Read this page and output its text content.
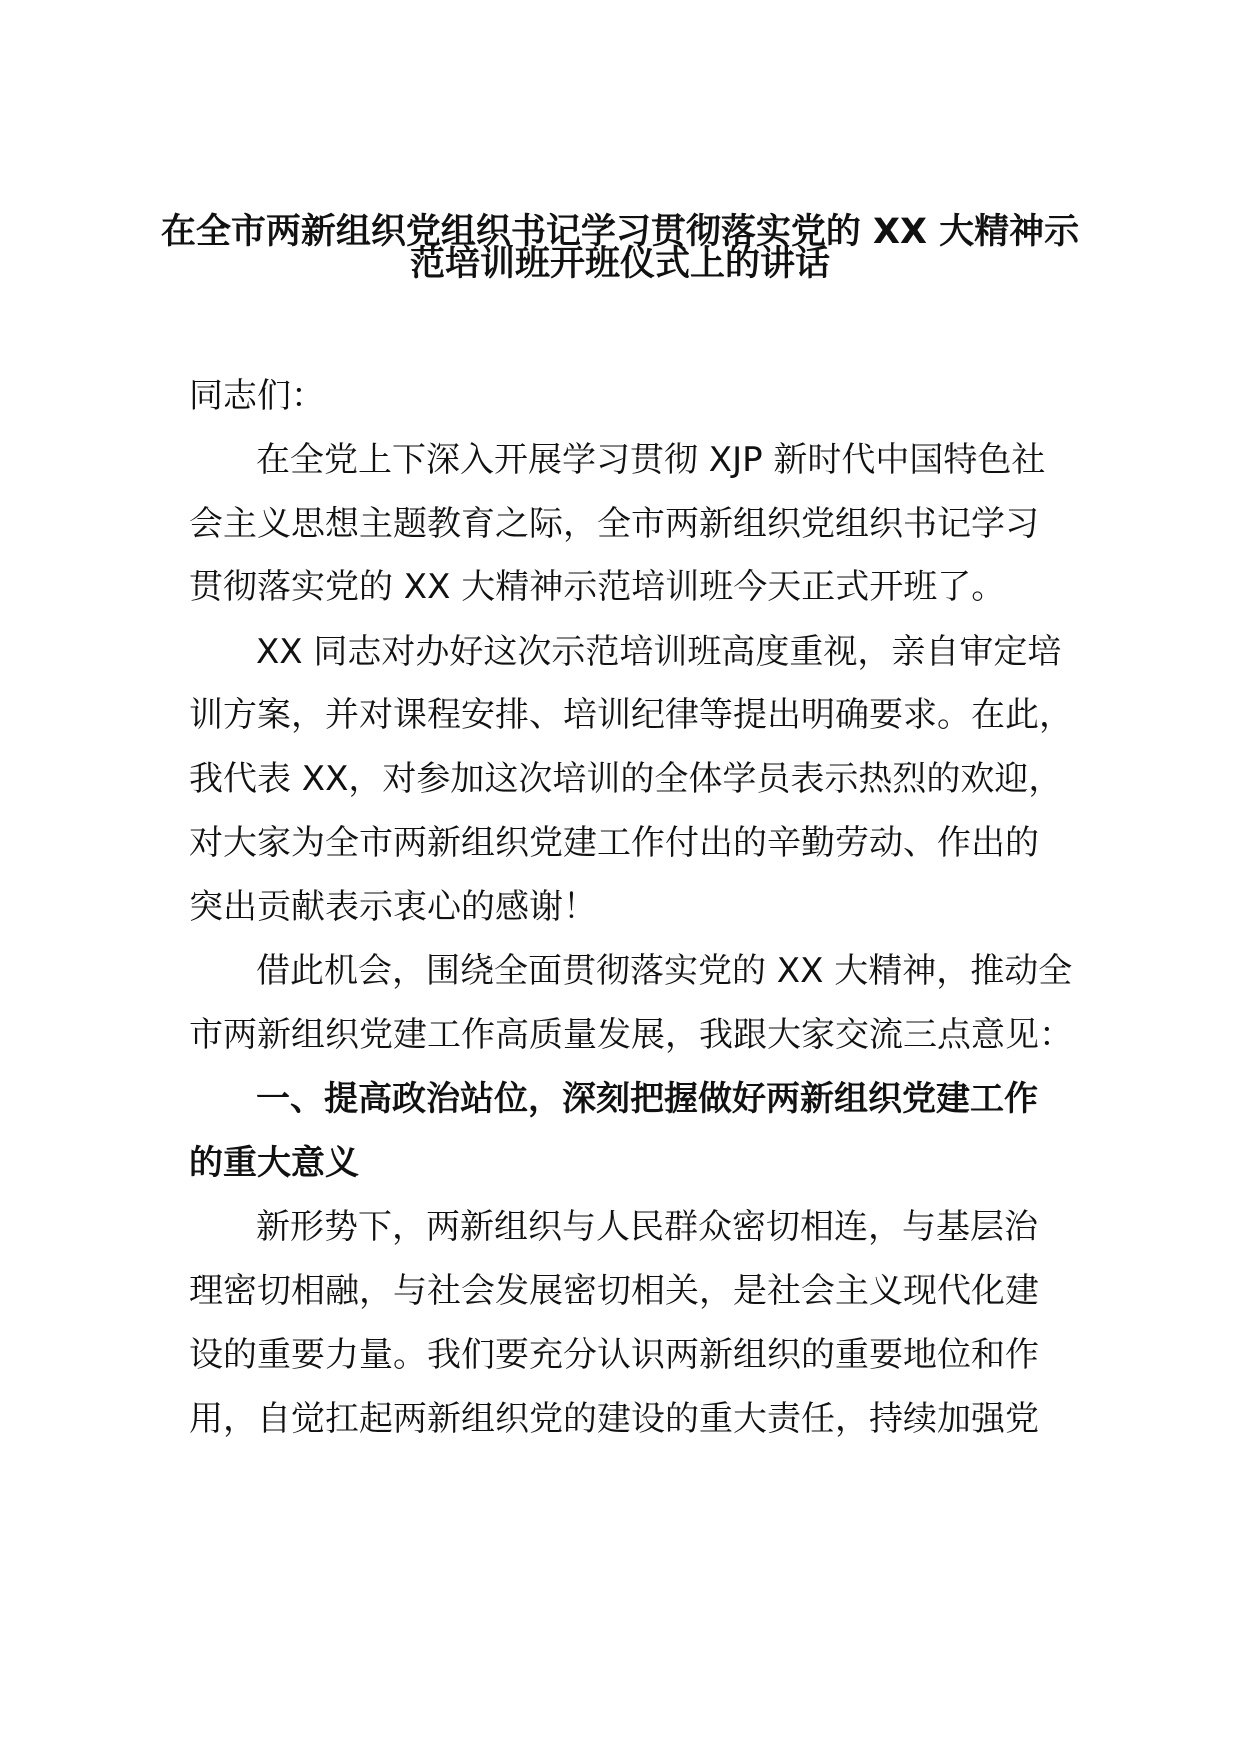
在全市两新组织党组织书记学习贯彻落实党的 XX 大精神示
范培训班开班仪式上的讲话
同志们：
在全党上下深入开展学习贯彻 XJP 新时代中国特色社
会主义思想主题教育之际，全市两新组织党组织书记学习
贯彻落实党的 XX 大精神示范培训班今天正式开班了。
XX 同志对办好这次示范培训班高度重视，亲自审定培
训方案，并对课程安排、培训纪律等提出明确要求。在此，
我代表 XX，对参加这次培训的全体学员表示热烈的欢迎，
对大家为全市两新组织党建工作付出的辛勤劳动、作出的
突出贡献表示衷心的感谢！
借此机会，围绕全面贯彻落实党的 XX 大精神，推动全
市两新组织党建工作高质量发展，我跟大家交流三点意见：
一、提高政治站位，深刻把握做好两新组织党建工作
的重大意义
新形势下，两新组织与人民群众密切相连，与基层治
理密切相融，与社会发展密切相关，是社会主义现代化建
设的重要力量。我们要充分认识两新组织的重要地位和作
用，自觉扛起两新组织党的建设的重大责任，持续加强党
